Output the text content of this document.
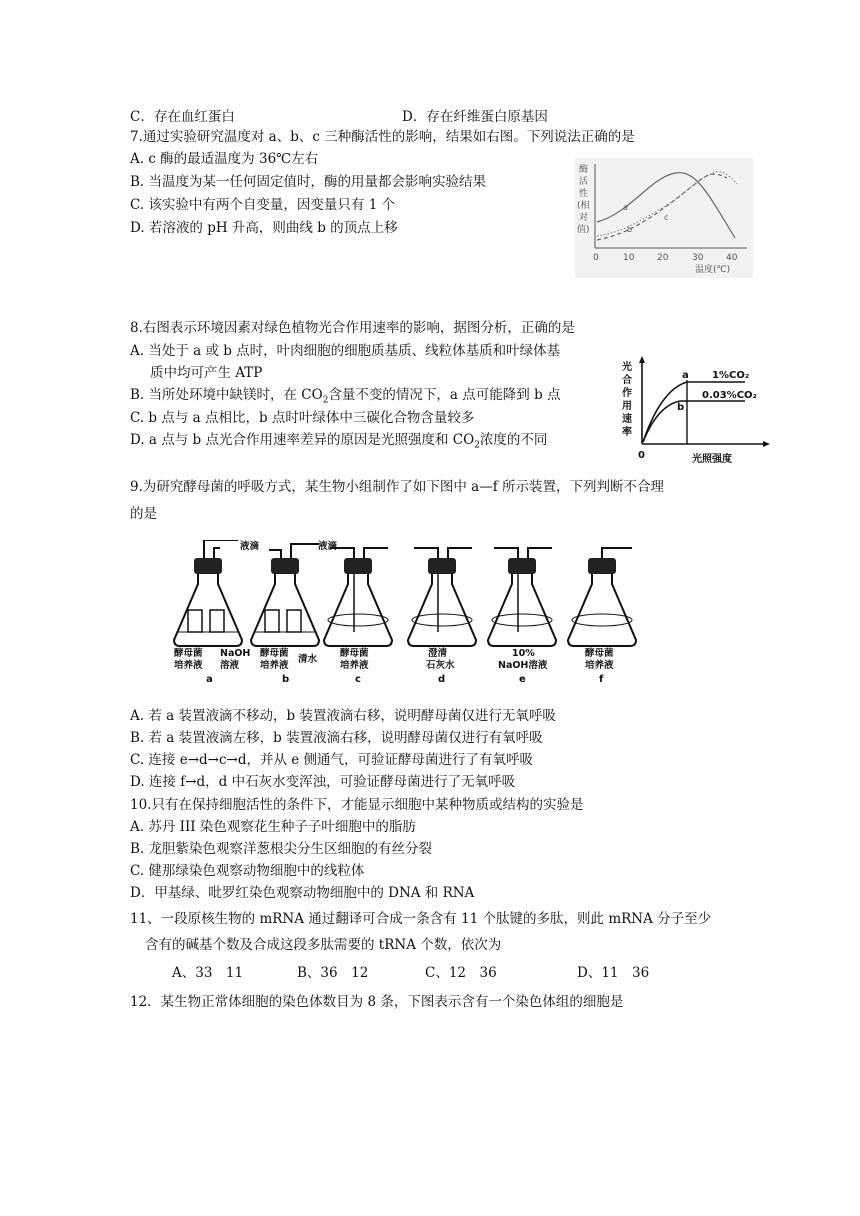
C．存在血红蛋白	D．存在纤维蛋白原基因
7.通过实验研究温度对 a、b、c 三种酶活性的影响，结果如右图。下列说法正确的是
A. c 酶的最适温度为 36℃左右
B. 当温度为某一任何固定值时，酶的用量都会影响实验结果
C. 该实验中有两个自变量，因变量只有 1 个
D. 若溶液的 pH 升高，则曲线 b 的顶点上移
酶
活
性
(相
对
值)
0	10	20	30	40
温度(℃)
a
b
c
8.右图表示环境因素对绿色植物光合作用速率的影响，据图分析，正确的是
A. 当处于 a 或 b 点时，叶肉细胞的细胞质基质、线粒体基质和叶绿体基
质中均可产生 ATP
B. 当所处环境中缺镁时，在 $CO_2$含量不变的情况下，a 点可能降到 b 点
C. b 点与 a 点相比，b 点时叶绿体中三碳化合物含量较多
D. a 点与 b 点光合作用速率差异的原因是光照强度和 $CO_2$浓度的不同
光
合
作
用
速
率
0	光照强度
a
b
1%CO₂
0.03%CO₂
9.为研究酵母菌的呼吸方式，某生物小组制作了如下图中 a—f 所示装置，下列判断不合理
的是
液滴	液滴
酵母菌
培养液
NaOH
溶液
酵母菌
培养液
清水
酵母菌
培养液
澄清
石灰水
10%
NaOH溶液
酵母菌
培养液
a	b	c	d	e	f
A. 若 a 装置液滴不移动，b 装置液滴右移，说明酵母菌仅进行无氧呼吸
B. 若 a 装置液滴左移，b 装置液滴右移，说明酵母菌仅进行有氧呼吸
C. 连接 e→d→c→d，并从 e 侧通气，可验证酵母菌进行了有氧呼吸
D. 连接 f→d，d 中石灰水变浑浊，可验证酵母菌进行了无氧呼吸
10.只有在保持细胞活性的条件下，才能显示细胞中某种物质或结构的实验是
A. 苏丹 III 染色观察花生种子子叶细胞中的脂肪
B. 龙胆紫染色观察洋葱根尖分生区细胞的有丝分裂
C. 健那绿染色观察动物细胞中的线粒体
D．甲基绿、吡罗红染色观察动物细胞中的 DNA 和 RNA
11、一段原核生物的 mRNA 通过翻译可合成一条含有 11 个肽键的多肽，则此 mRNA 分子至少
含有的碱基个数及合成这段多肽需要的 tRNA 个数，依次为
A、33　11	B、36　12	C、12　36	D、11　36
12．某生物正常体细胞的染色体数目为 8 条，下图表示含有一个染色体组的细胞是
